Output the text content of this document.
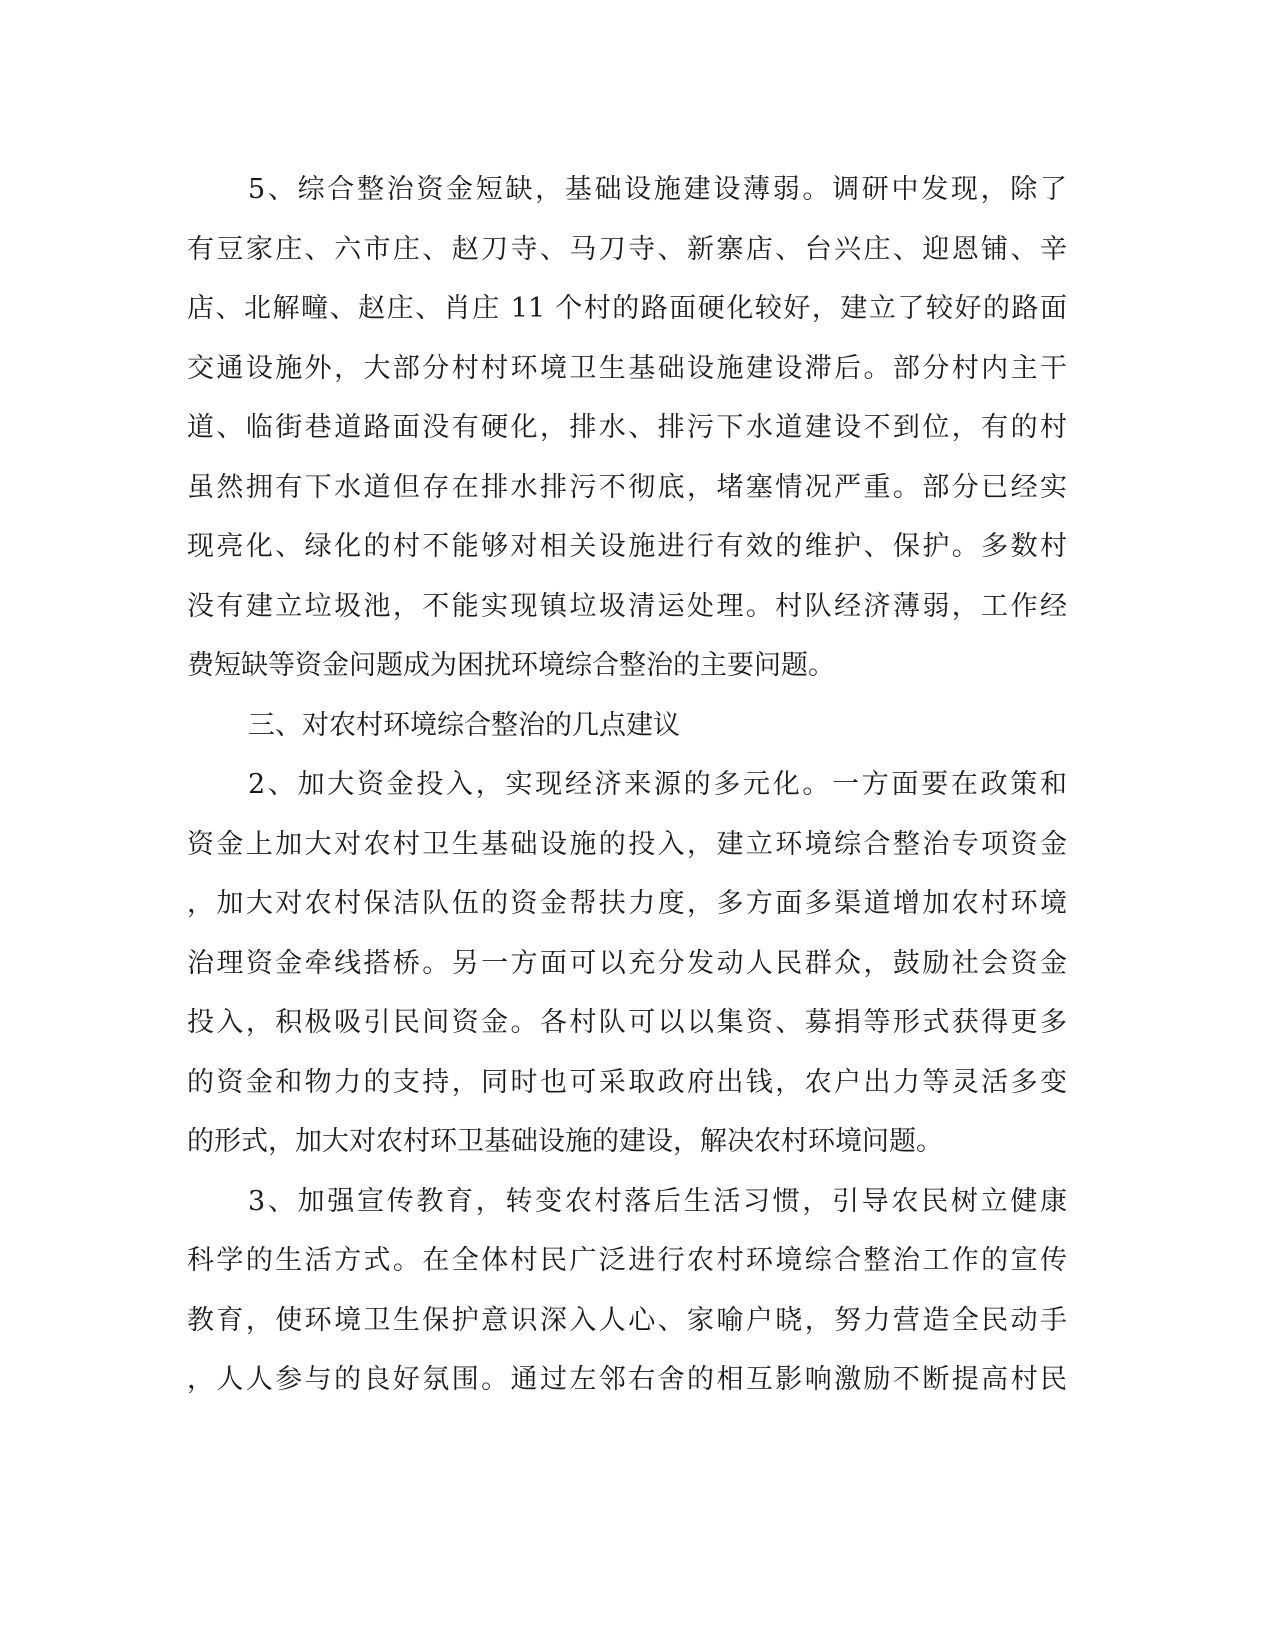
5、综合整治资金短缺，基础设施建设薄弱。调研中发现，除了
有豆家庄、六市庄、赵刀寺、马刀寺、新寨店、台兴庄、迎恩铺、辛
店、北解疃、赵庄、肖庄 11 个村的路面硬化较好，建立了较好的路面
交通设施外，大部分村村环境卫生基础设施建设滞后。部分村内主干
道、临街巷道路面没有硬化，排水、排污下水道建设不到位，有的村
虽然拥有下水道但存在排水排污不彻底，堵塞情况严重。部分已经实
现亮化、绿化的村不能够对相关设施进行有效的维护、保护。多数村
没有建立垃圾池，不能实现镇垃圾清运处理。村队经济薄弱，工作经
费短缺等资金问题成为困扰环境综合整治的主要问题。
三、对农村环境综合整治的几点建议
2、加大资金投入，实现经济来源的多元化。一方面要在政策和
资金上加大对农村卫生基础设施的投入，建立环境综合整治专项资金
，加大对农村保洁队伍的资金帮扶力度，多方面多渠道增加农村环境
治理资金牵线搭桥。另一方面可以充分发动人民群众，鼓励社会资金
投入，积极吸引民间资金。各村队可以以集资、募捐等形式获得更多
的资金和物力的支持，同时也可采取政府出钱，农户出力等灵活多变
的形式，加大对农村环卫基础设施的建设，解决农村环境问题。
3、加强宣传教育，转变农村落后生活习惯，引导农民树立健康
科学的生活方式。在全体村民广泛进行农村环境综合整治工作的宣传
教育，使环境卫生保护意识深入人心、家喻户晓，努力营造全民动手
，人人参与的良好氛围。通过左邻右舍的相互影响激励不断提高村民
